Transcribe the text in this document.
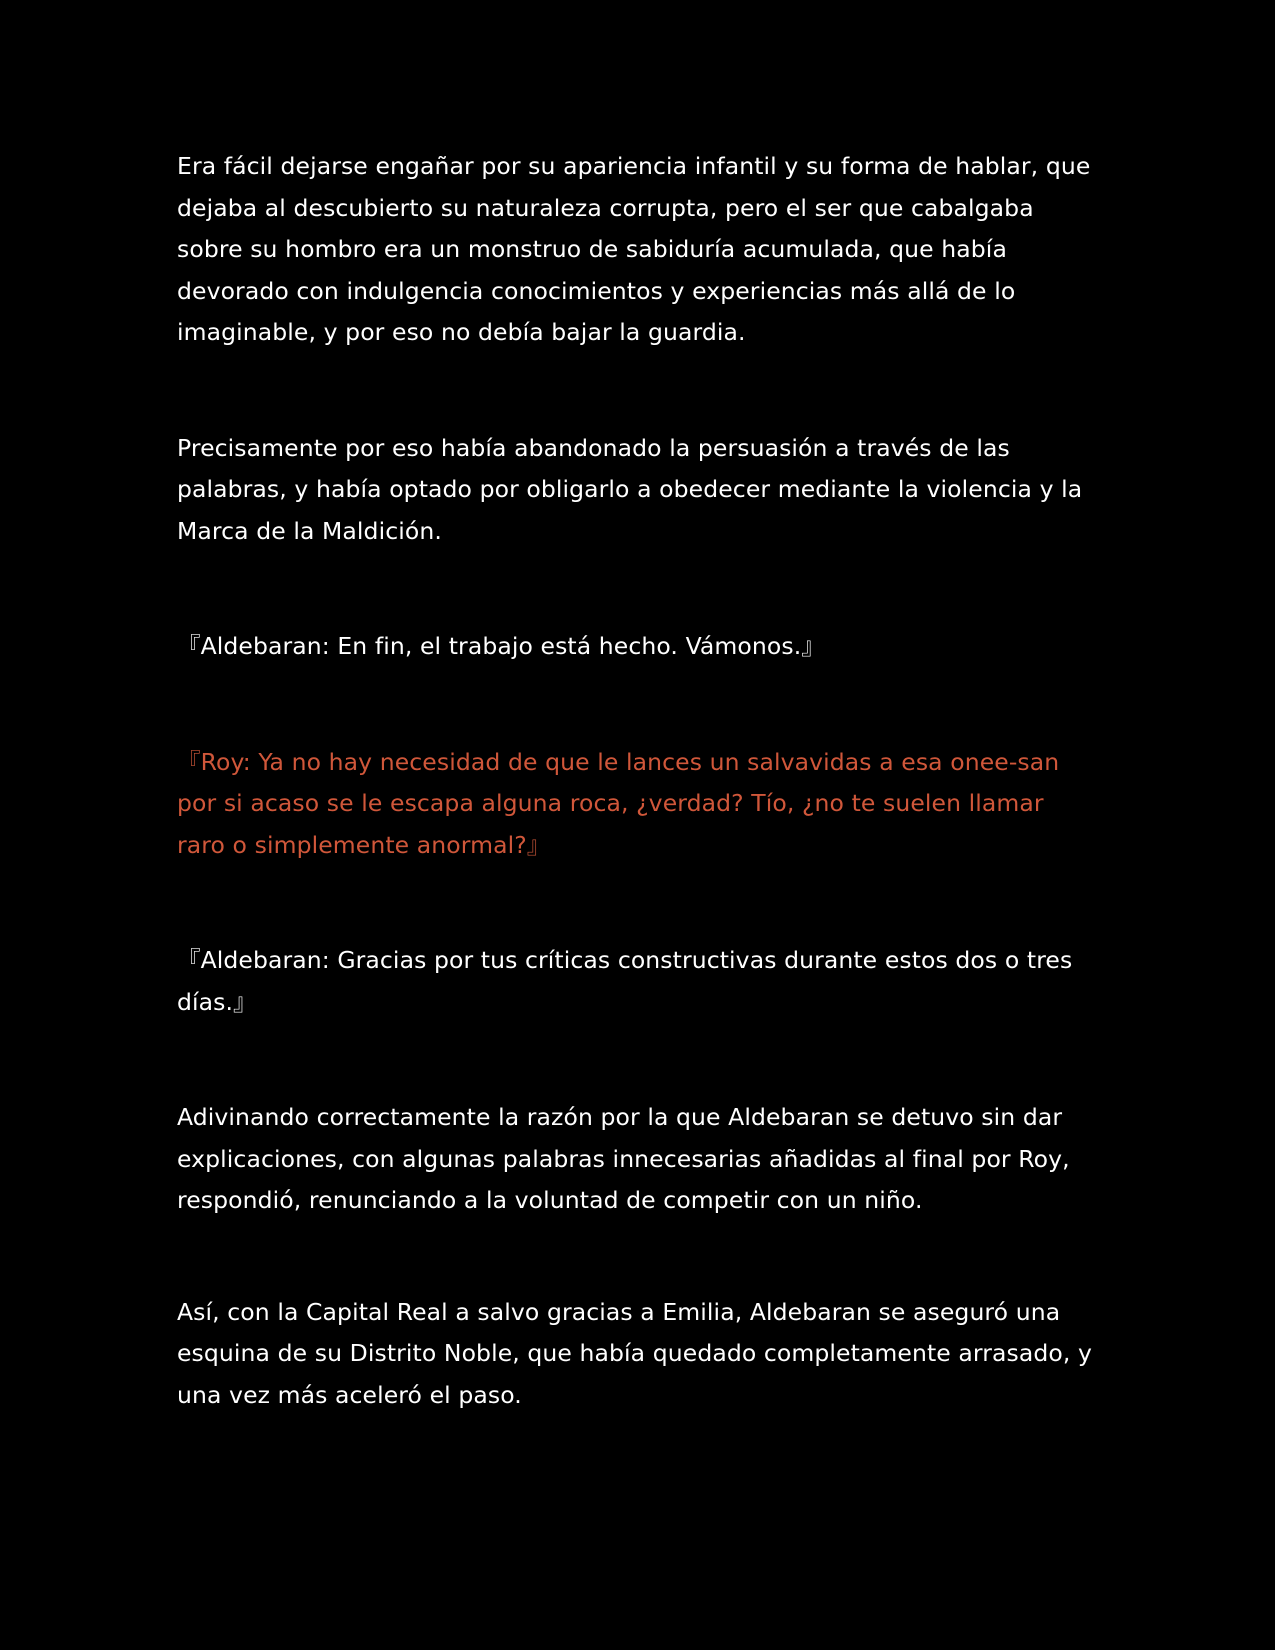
Era fácil dejarse engañar por su apariencia infantil y su forma de hablar, que dejaba al descubierto su naturaleza corrupta, pero el ser que cabalgaba sobre su hombro era un monstruo de sabiduría acumulada, que había devorado con indulgencia conocimientos y experiencias más allá de lo imaginable, y por eso no debía bajar la guardia.

Precisamente por eso había abandonado la persuasión a través de las palabras, y había optado por obligarlo a obedecer mediante la violencia y la Marca de la Maldición.

『Aldebaran: En fin, el trabajo está hecho. Vámonos.』

『Roy: Ya no hay necesidad de que le lances un salvavidas a esa onee-san por si acaso se le escapa alguna roca, ¿verdad? Tío, ¿no te suelen llamar raro o simplemente anormal?』

『Aldebaran: Gracias por tus críticas constructivas durante estos dos o tres días.』

Adivinando correctamente la razón por la que Aldebaran se detuvo sin dar explicaciones, con algunas palabras innecesarias añadidas al final por Roy, respondió, renunciando a la voluntad de competir con un niño.

Así, con la Capital Real a salvo gracias a Emilia, Aldebaran se aseguró una esquina de su Distrito Noble, que había quedado completamente arrasado, y una vez más aceleró el paso.
